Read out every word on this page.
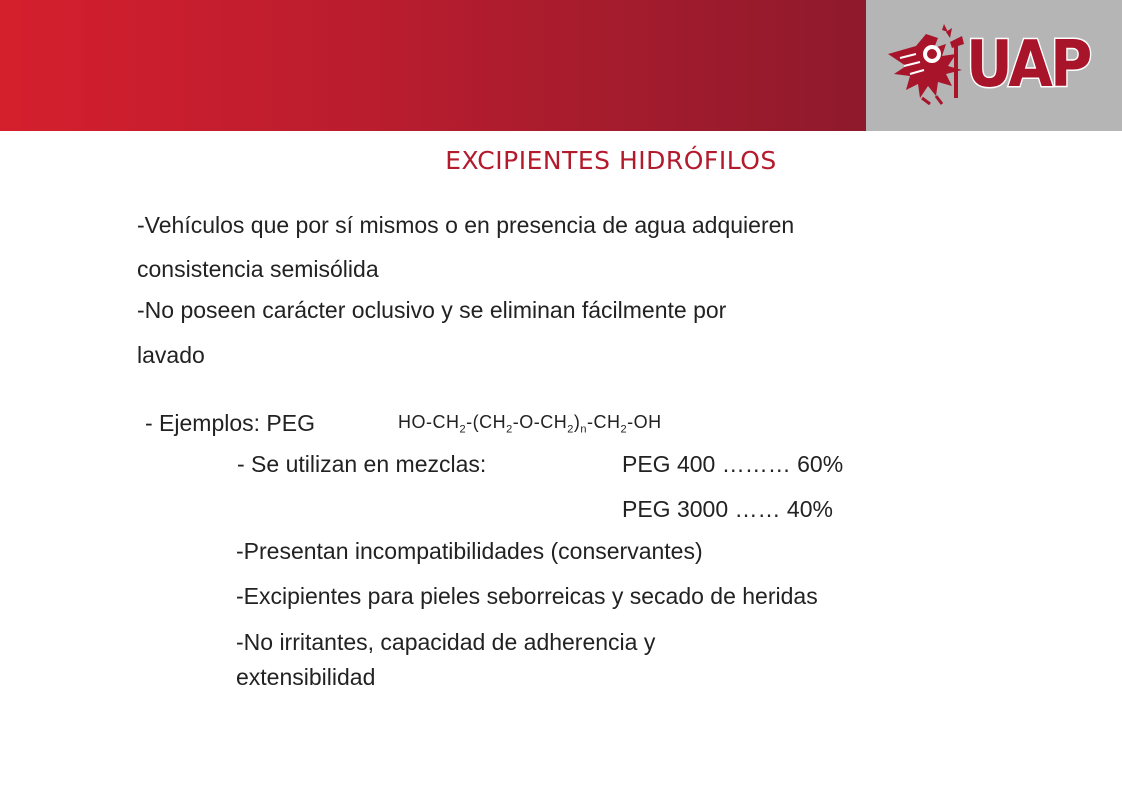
UAP
EXCIPIENTES HIDRÓFILOS
-Vehículos que por sí mismos o en presencia de agua adquieren
consistencia semisólida
-No poseen carácter oclusivo y se eliminan fácilmente por
lavado
- Ejemplos: PEG	$HO-CH_2-(CH_2-O-CH_2)_n-CH_2-OH$
- Se utilizan en mezclas:	PEG 400 ……… 60%
PEG 3000 …… 40%
-Presentan incompatibilidades (conservantes)
-Excipientes para pieles seborreicas y secado de heridas
-No irritantes, capacidad de adherencia y
extensibilidad
